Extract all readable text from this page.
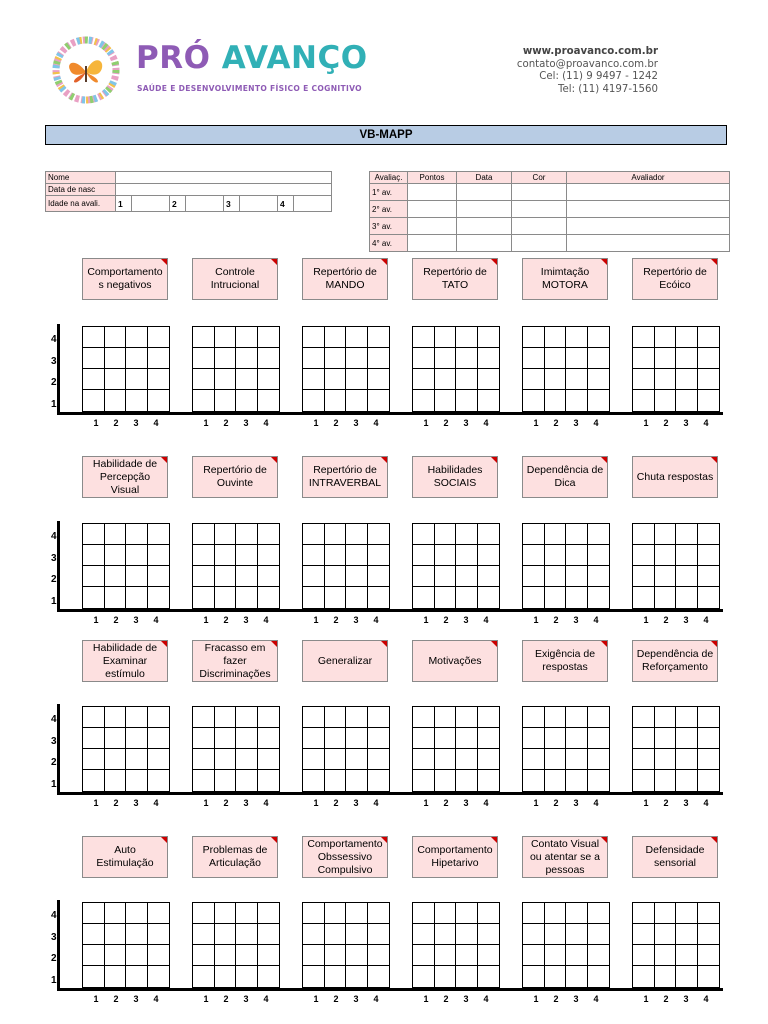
PRÓ AVANÇO
SAÚDE E DESENVOLVIMENTO FÍSICO E COGNITIVO
www.proavanco.com.br
contato@proavanco.com.br
Cel: (11) 9 9497 - 1242
Tel: (11) 4197-1560
VB-MAPP
Nome								
Data de nasc								
Idade na avali.	1		2		3		4	
Avaliaç.	Pontos	Data	Cor	Avaliador
1° av.				
2° av.				
3° av.				
4° av.				
Comportamento s negativos
1 2 3 4
Controle Intrucional
1 2 3 4
Repertório de MANDO
1 2 3 4
Repertório de TATO
1 2 3 4
Imimtação MOTORA
1 2 3 4
Repertório de Ecóico
1 2 3 4
4
3
2
1
Habilidade de Percepção Visual
1 2 3 4
Repertório de Ouvinte
1 2 3 4
Repertório de INTRAVERBAL
1 2 3 4
Habilidades SOCIAIS
1 2 3 4
Dependência de Dica
1 2 3 4
Chuta respostas
1 2 3 4
4
3
2
1
Habilidade de Examinar estímulo
1 2 3 4
Fracasso em fazer Discriminações
1 2 3 4
Generalizar
1 2 3 4
Motivações
1 2 3 4
Exigência de respostas
1 2 3 4
Dependência de Reforçamento
1 2 3 4
4
3
2
1
Auto Estimulação
1 2 3 4
Problemas de Articulação
1 2 3 4
Comportamento Obssessivo Compulsivo
1 2 3 4
Comportamento Hipetarivo
1 2 3 4
Contato Visual ou atentar se a pessoas
1 2 3 4
Defensidade sensorial
1 2 3 4
4
3
2
1
